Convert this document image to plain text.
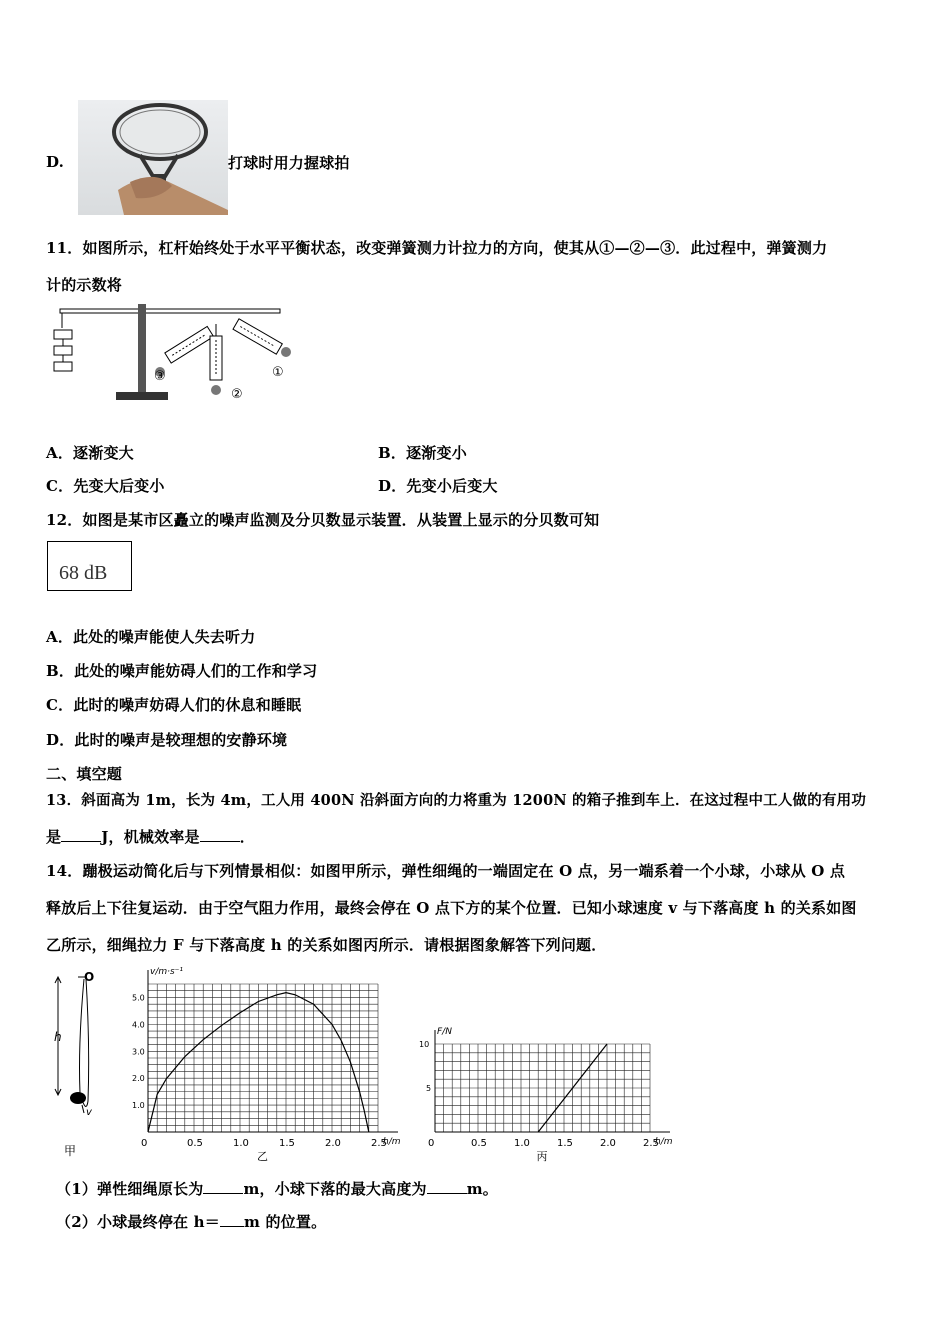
D.	打球时用力握球拍
11．如图所示，杠杆始终处于水平平衡状态，改变弹簧测力计拉力的方向，使其从①—②—③．此过程中，弹簧测力
计的示数将
③
②
①
A．逐渐变大	B．逐渐变小
C．先变大后变小	D．先变小后变大
12．如图是某市区矗立的噪声监测及分贝数显示装置．从装置上显示的分贝数可知
68 dB
A．此处的噪声能使人失去听力
B．此处的噪声能妨碍人们的工作和学习
C．此时的噪声妨碍人们的休息和睡眠
D．此时的噪声是较理想的安静环境
二、填空题
13．斜面高为 1m，长为 4m，工人用 400N 沿斜面方向的力将重为 1200N 的箱子推到车上．在这过程中工人做的有用功
是	J，机械效率是	．
14．蹦极运动简化后与下列情景相似：如图甲所示，弹性细绳的一端固定在 O 点，另一端系着一个小球，小球从 O 点
释放后上下往复运动．由于空气阻力作用，最终会停在 O 点下方的某个位置．已知小球速度 v 与下落高度 h 的关系如图
乙所示，细绳拉力 F 与下落高度 h 的关系如图丙所示．请根据图象解答下列问题．
O
h
v
甲
0	0.5	1.0	1.5	2.0	2.5
1.0
2.0
3.0
4.0
5.0
h/m
v/m·s⁻¹
乙
0	0.5	1.0	1.5	2.0	2.5
5
10
h/m
F/N
丙
（1）弹性细绳原长为	m，小球下落的最大高度为	m。
（2）小球最终停在 h＝ m 的位置。
